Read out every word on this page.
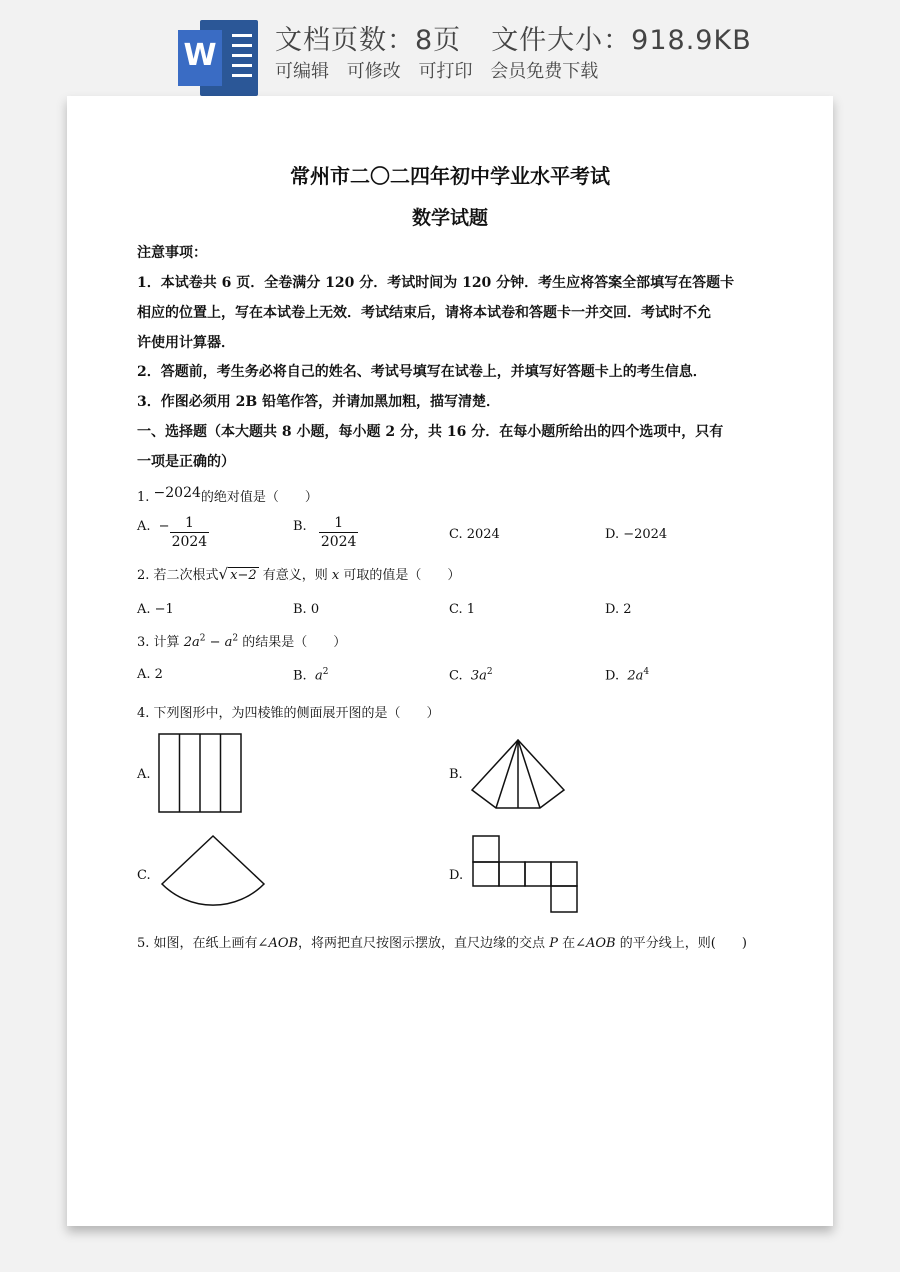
W 文档页数：8页 文件大小：918.9KB
可编辑 可修改 可打印 会员免费下载
常州市二〇二四年初中学业水平考试
数学试题
注意事项：
1．本试卷共 6 页．全卷满分 120 分．考试时间为 120 分钟．考生应将答案全部填写在答题卡
相应的位置上，写在本试卷上无效．考试结束后，请将本试卷和答题卡一并交回．考试时不允
许使用计算器．
2．答题前，考生务必将自己的姓名、考试号填写在试卷上，并填写好答题卡上的考生信息．
3．作图必须用 2B 铅笔作答，并请加黑加粗，描写清楚．
一、选择题（本大题共 8 小题，每小题 2 分，共 16 分．在每小题所给出的四个选项中，只有
一项是正确的）
1. −2024的绝对值是（　　）
A. − $\frac{1}{2024}$	B. $\frac{1}{2024}$	C. 2024	D. −2024
2. 若二次根式√ x−2 有意义，则 x 可取的值是（　　）
A. −1	B. 0	C. 1	D. 2
3. 计算 $2a^2 - a^2$ 的结果是（　　）
A. 2	B. $a^2$	C. $3a^2$	D. $2a^4$
4. 下列图形中，为四棱锥的侧面展开图的是（　　）
A.	B.
C.	D.
5. 如图，在纸上画有∠AOB，将两把直尺按图示摆放，直尺边缘的交点 P 在∠AOB 的平分线上，则(　　)
